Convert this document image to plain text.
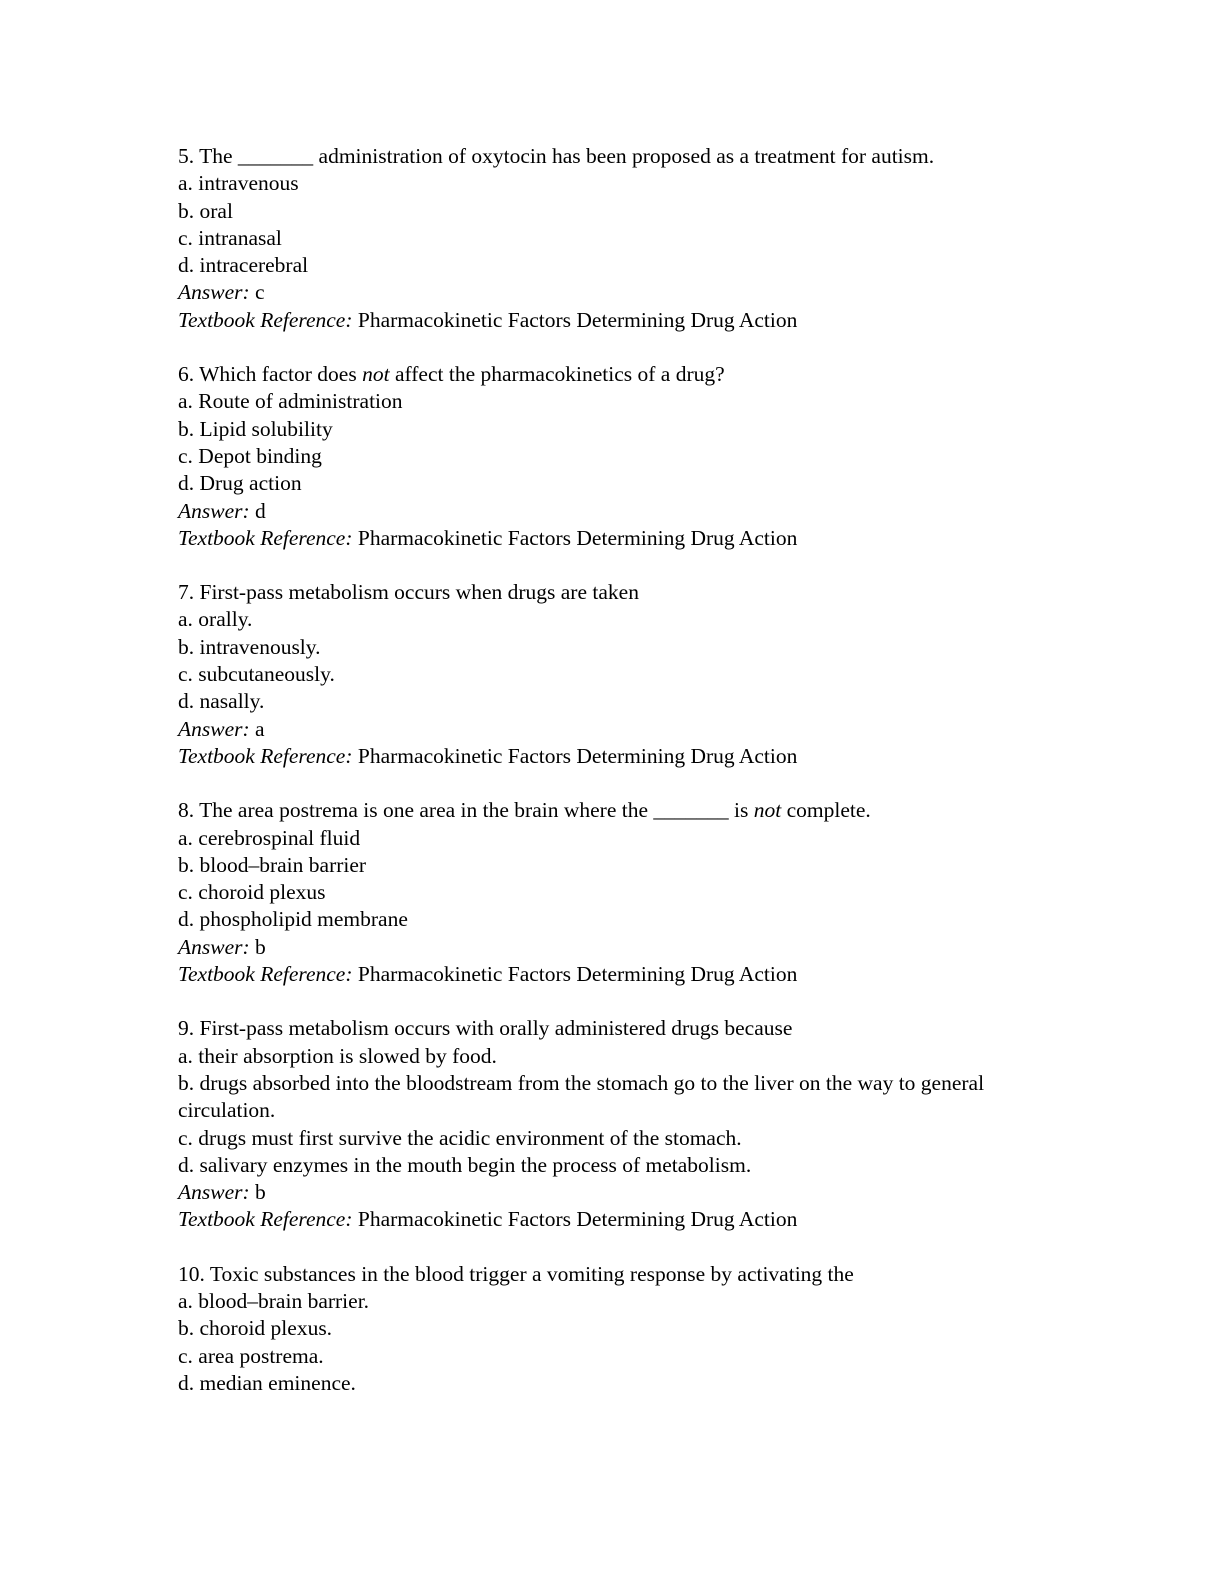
5. The _______ administration of oxytocin has been proposed as a treatment for autism.
a. intravenous
b. oral
c. intranasal
d. intracerebral
Answer: c
Textbook Reference: Pharmacokinetic Factors Determining Drug Action
6. Which factor does not affect the pharmacokinetics of a drug?
a. Route of administration
b. Lipid solubility
c. Depot binding
d. Drug action
Answer: d
Textbook Reference: Pharmacokinetic Factors Determining Drug Action
7. First-pass metabolism occurs when drugs are taken
a. orally.
b. intravenously.
c. subcutaneously.
d. nasally.
Answer: a
Textbook Reference: Pharmacokinetic Factors Determining Drug Action
8. The area postrema is one area in the brain where the _______ is not complete.
a. cerebrospinal fluid
b. blood–brain barrier
c. choroid plexus
d. phospholipid membrane
Answer: b
Textbook Reference: Pharmacokinetic Factors Determining Drug Action
9. First-pass metabolism occurs with orally administered drugs because
a. their absorption is slowed by food.
b. drugs absorbed into the bloodstream from the stomach go to the liver on the way to general circulation.
c. drugs must first survive the acidic environment of the stomach.
d. salivary enzymes in the mouth begin the process of metabolism.
Answer: b
Textbook Reference: Pharmacokinetic Factors Determining Drug Action
10. Toxic substances in the blood trigger a vomiting response by activating the
a. blood–brain barrier.
b. choroid plexus.
c. area postrema.
d. median eminence.
